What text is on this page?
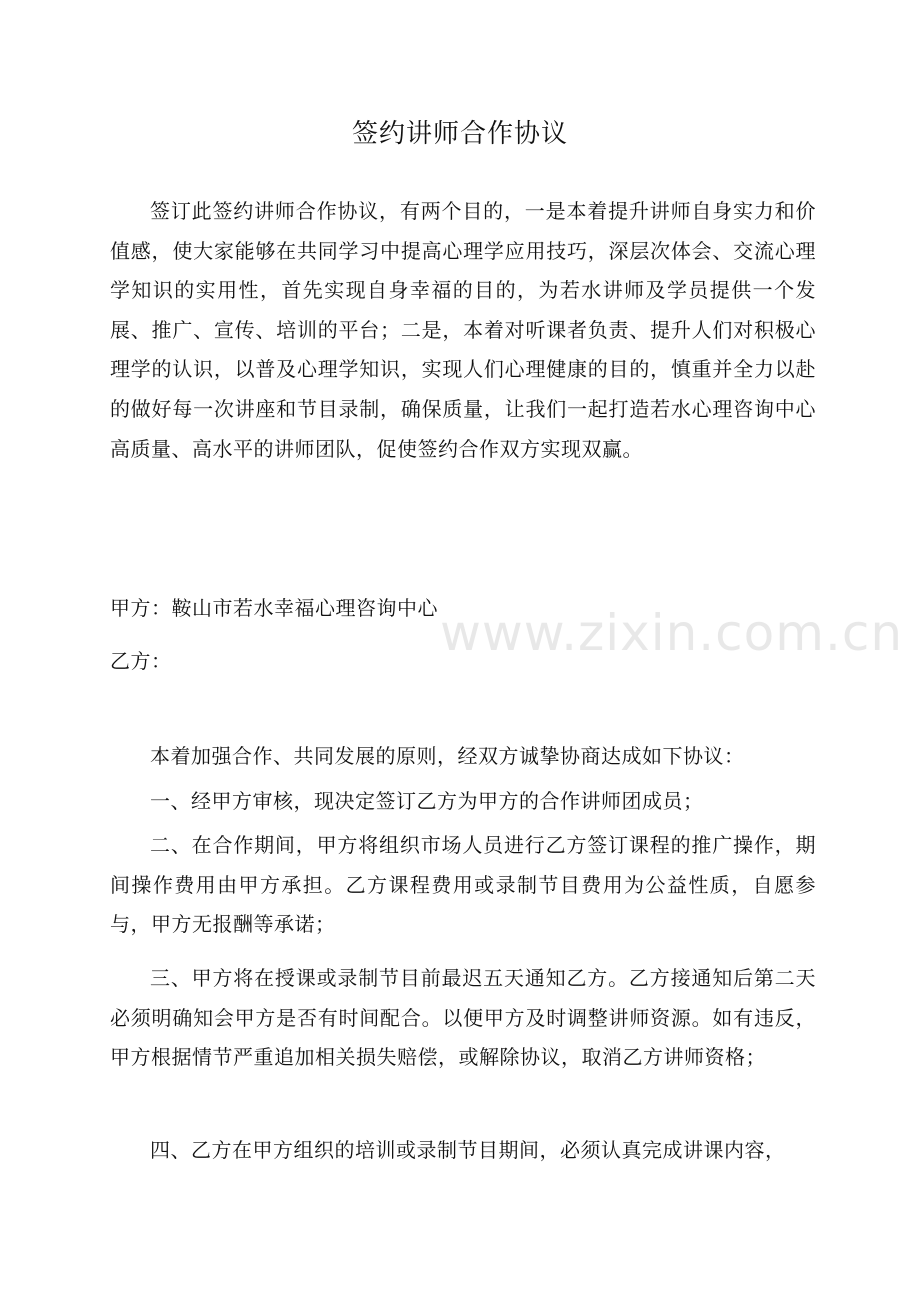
签约讲师合作协议

签订此签约讲师合作协议，有两个目的，一是本着提升讲师自身实力和价值感，使大家能够在共同学习中提高心理学应用技巧，深层次体会、交流心理学知识的实用性，首先实现自身幸福的目的，为若水讲师及学员提供一个发展、推广、宣传、培训的平台；二是，本着对听课者负责、提升人们对积极心理学的认识，以普及心理学知识，实现人们心理健康的目的，慎重并全力以赴的做好每一次讲座和节目录制，确保质量，让我们一起打造若水心理咨询中心高质量、高水平的讲师团队，促使签约合作双方实现双赢。

甲方：鞍山市若水幸福心理咨询中心

乙方：

本着加强合作、共同发展的原则，经双方诚挚协商达成如下协议：

一、经甲方审核，现决定签订乙方为甲方的合作讲师团成员；

二、在合作期间，甲方将组织市场人员进行乙方签订课程的推广操作，期间操作费用由甲方承担。乙方课程费用或录制节目费用为公益性质，自愿参与，甲方无报酬等承诺；

三、甲方将在授课或录制节目前最迟五天通知乙方。乙方接通知后第二天必须明确知会甲方是否有时间配合。以便甲方及时调整讲师资源。如有违反，甲方根据情节严重追加相关损失赔偿，或解除协议，取消乙方讲师资格；

四、乙方在甲方组织的培训或录制节目期间，必须认真完成讲课内容，

www.zixin.com.cn
